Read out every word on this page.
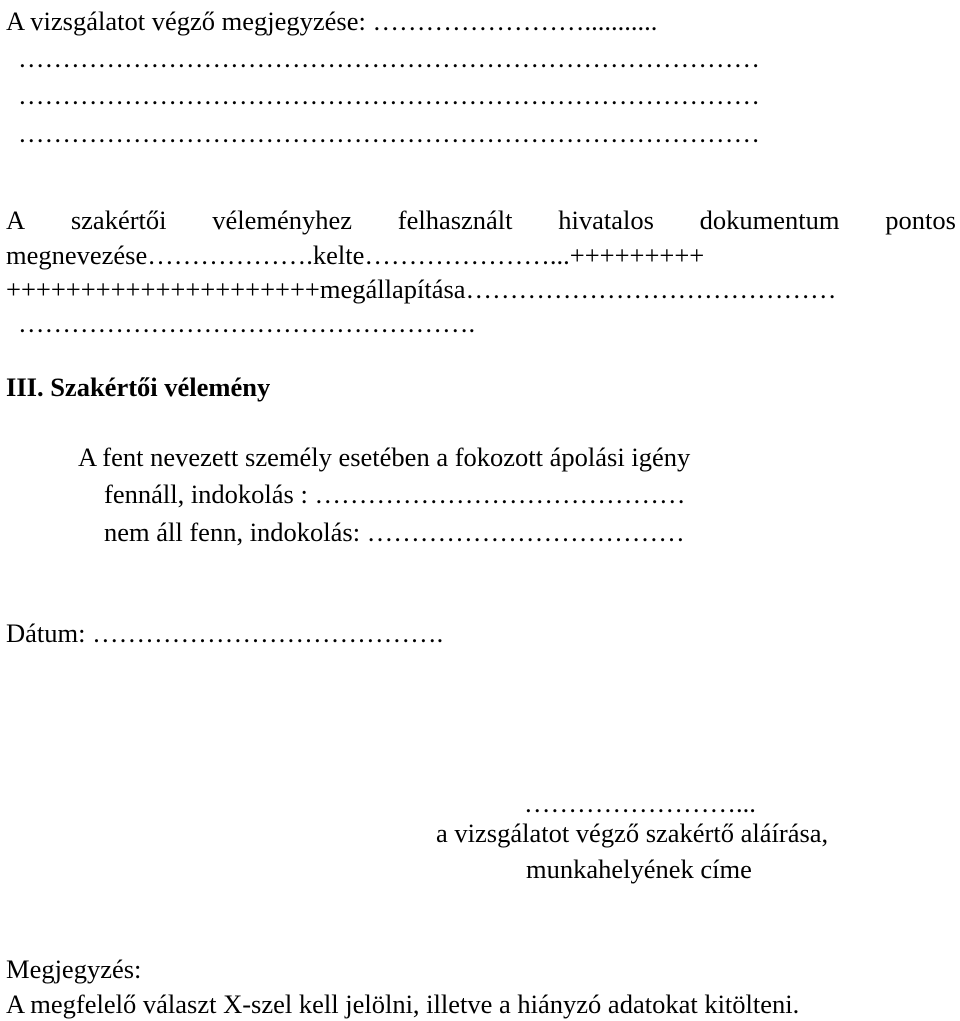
A vizsgálatot végző megjegyzése: ……………………...........
…………………………………………………………………………
…………………………………………………………………………
…………………………………………………………………………
A szakértői véleményhez felhasznált hivatalos dokumentum pontos
megnevezése……………….kelte…………………...+++++++++
+++++++++++++++++++++megállapítása……………………………………
…………………………………………….
III. Szakértői vélemény
A fent nevezett személy esetében a fokozott ápolási igény
fennáll, indokolás : ……………………………………
nem áll fenn, indokolás: ………………………………
Dátum: ………………………………….
……………………...
a vizsgálatot végző szakértő aláírása,
munkahelyének címe
Megjegyzés:
A megfelelő választ X-szel kell jelölni, illetve a hiányzó adatokat kitölteni.
